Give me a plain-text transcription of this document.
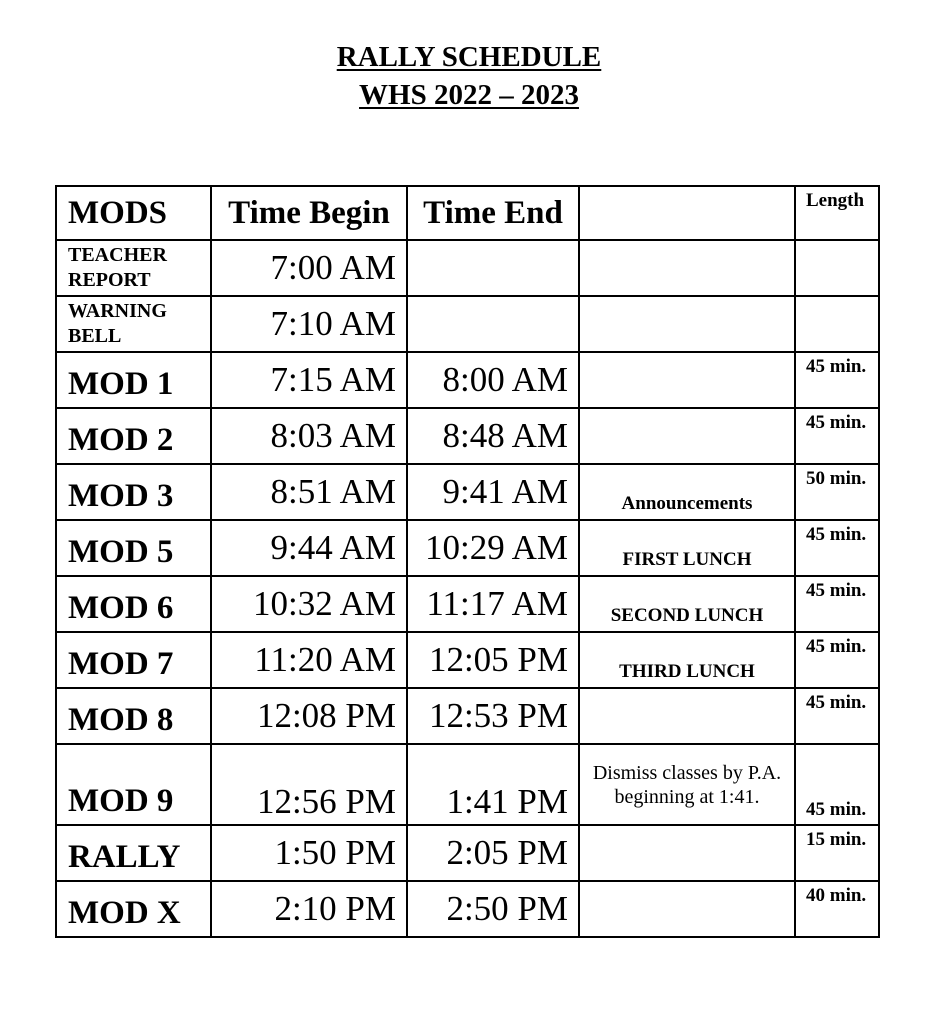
RALLY SCHEDULE
WHS 2022 – 2023
MODS	Time Begin	Time End		Length
TEACHER REPORT	7:00 AM			
WARNING BELL	7:10 AM			
MOD 1	7:15 AM	8:00 AM		45 min.
MOD 2	8:03 AM	8:48 AM		45 min.
MOD 3	8:51 AM	9:41 AM	Announcements	50 min.
MOD 5	9:44 AM	10:29 AM	FIRST LUNCH	45 min.
MOD 6	10:32 AM	11:17 AM	SECOND LUNCH	45 min.
MOD 7	11:20 AM	12:05 PM	THIRD LUNCH	45 min.
MOD 8	12:08 PM	12:53 PM		45 min.
MOD 9	12:56 PM	1:41 PM	Dismiss classes by P.A. beginning at 1:41.	45 min.
RALLY	1:50 PM	2:05 PM		15 min.
MOD X	2:10 PM	2:50 PM		40 min.
